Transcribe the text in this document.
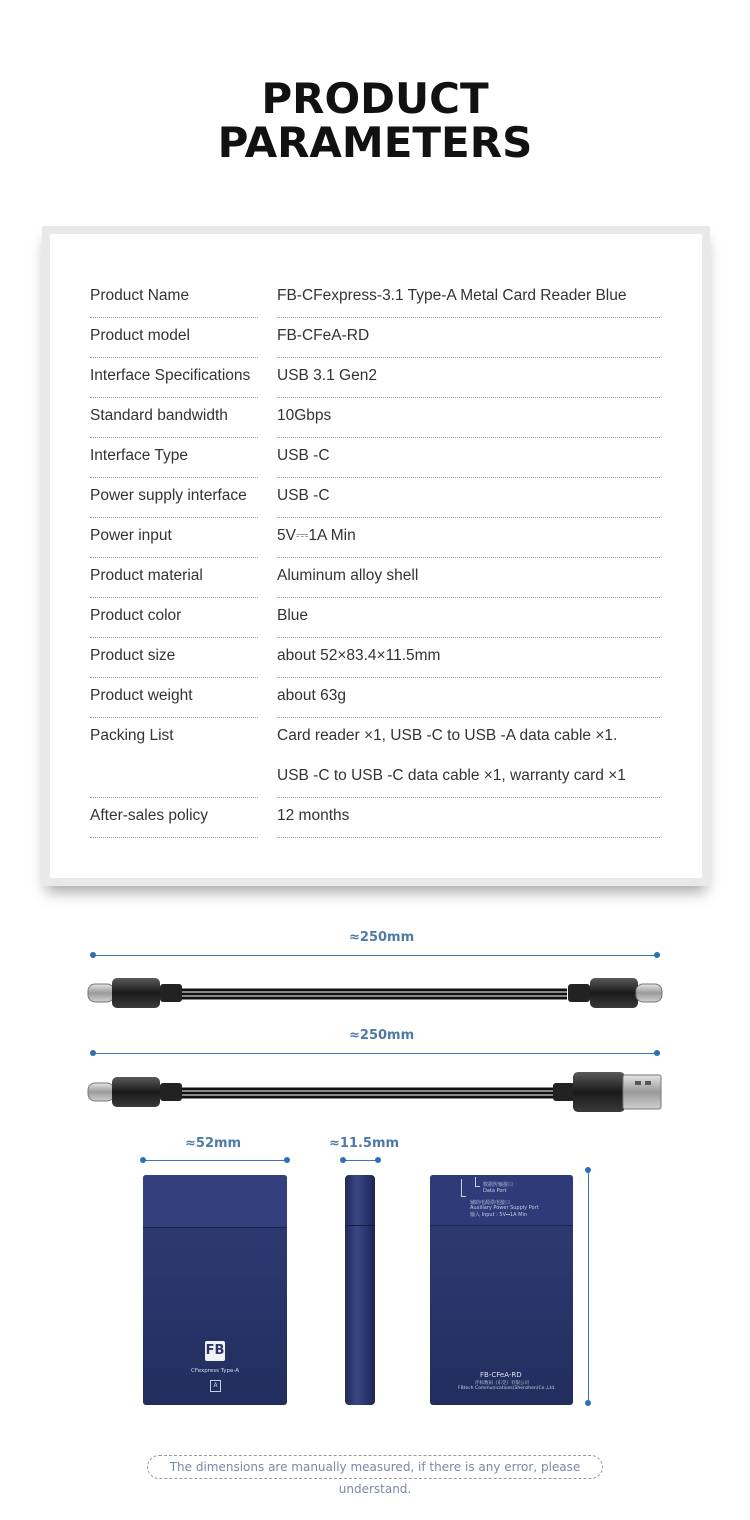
PRODUCT
PARAMETERS
Product Name	FB-CFexpress-3.1 Type-A Metal Card Reader Blue
Product model	FB-CFeA-RD
Interface Specifications	USB 3.1 Gen2
Standard bandwidth	10Gbps
Interface Type	USB -C
Power supply interface	USB -C
Power input	5V⎓1A Min
Product material	Aluminum alloy shell
Product color	Blue
Product size	about 52×83.4×11.5mm
Product weight	about 63g
Packing List	Card reader ×1, USB -C to USB -A data cable ×1.
USB -C to USB -C data cable ×1, warranty card ×1
After-sales policy	12 months
≈250mm
≈250mm
≈52mm	≈11.5mm
FB
CFexpress Type-A
A
数据传输接口
Data Port
辅助电源供电接口
Auxiliary Power Supply Port
输入 Input : 5V⎓1A Min
FB-CFeA-RD
沣标数码（东莞）有限公司
FBtech Communications(Shenzhen)Co.,Ltd.
The dimensions are manually measured, if there is any error, please understand.
